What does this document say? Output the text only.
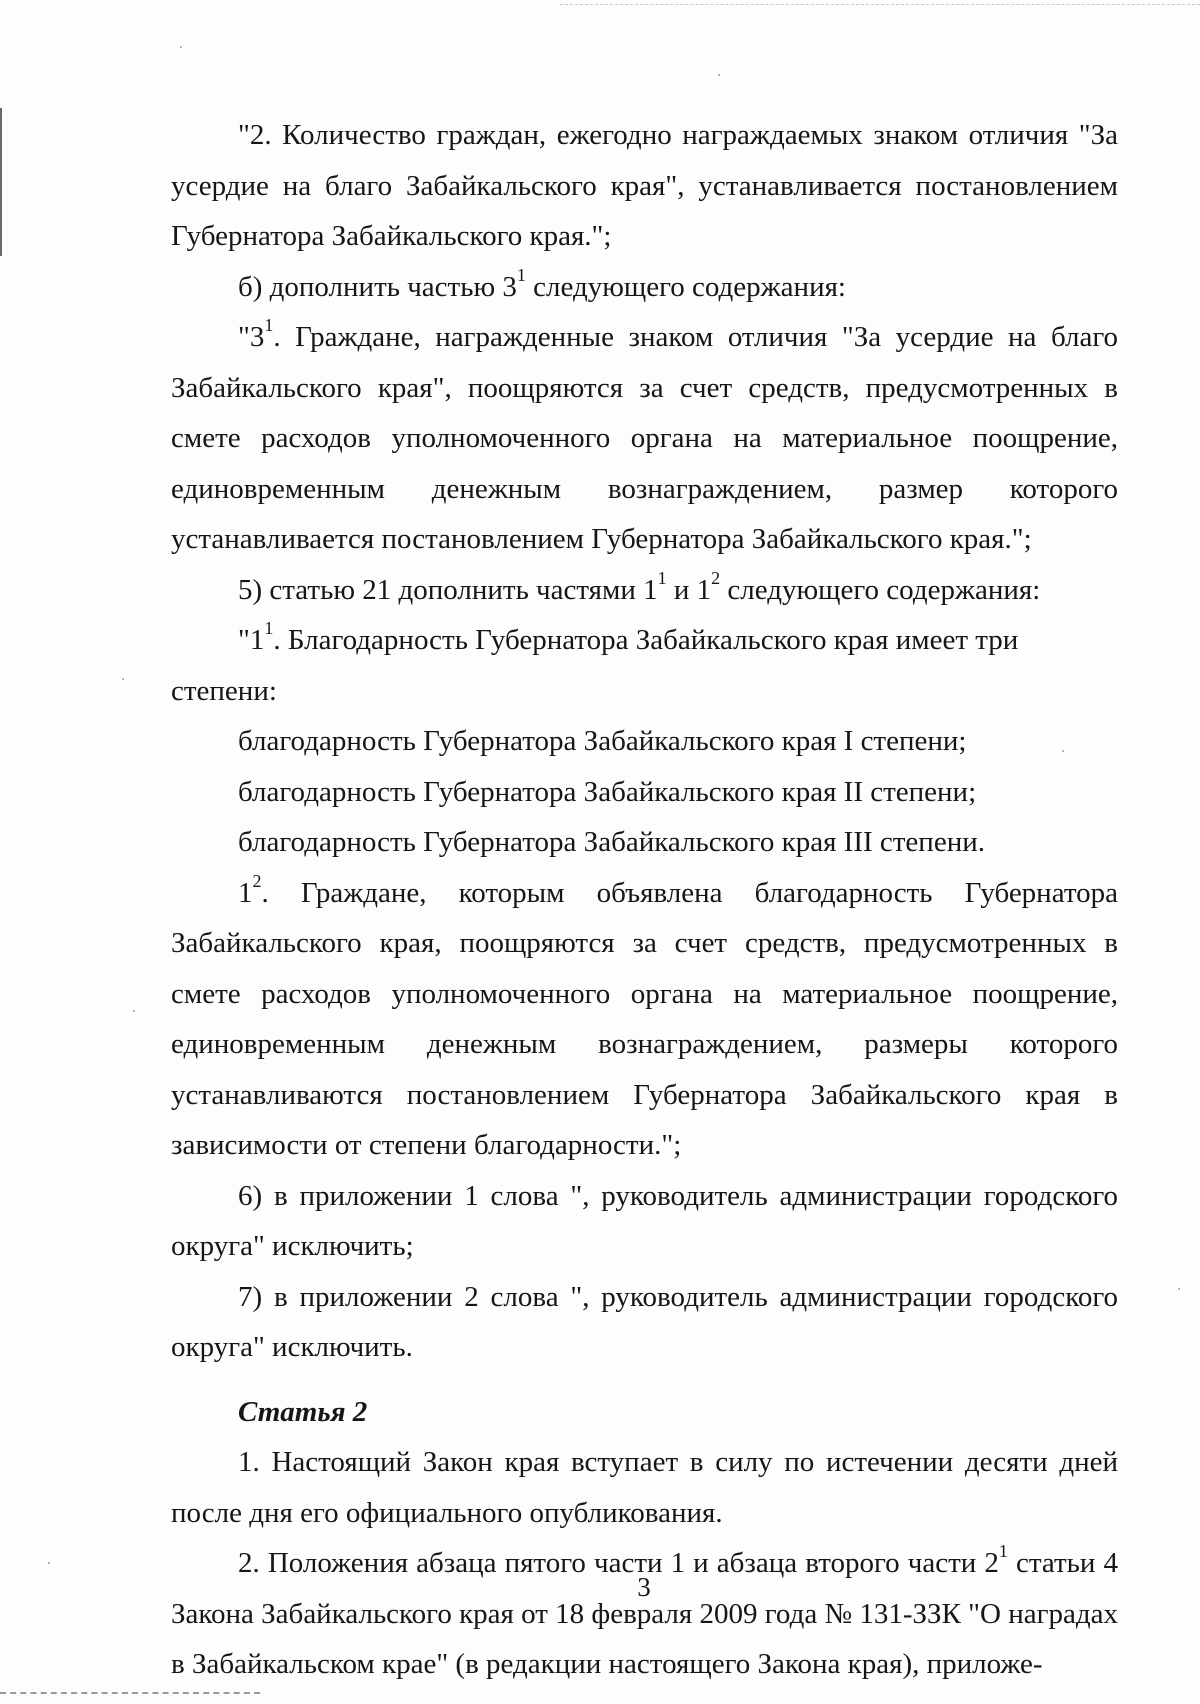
"2. Количество граждан, ежегодно награждаемых знаком отличия "За усердие на благо Забайкальского края", устанавливается постановлением Губернатора Забайкальского края.";

б) дополнить частью $3^1$ следующего содержания:

"$3^1$. Граждане, награжденные знаком отличия "За усердие на благо Забайкальского края", поощряются за счет средств, предусмотренных в смете расходов уполномоченного органа на материальное поощрение, единовременным денежным вознаграждением, размер которого устанавливается постановлением Губернатора Забайкальского края.";

5) статью 21 дополнить частями $1^1$ и $1^2$ следующего содержания:

"$1^1$. Благодарность Губернатора Забайкальского края имеет три степени:

благодарность Губернатора Забайкальского края I степени;

благодарность Губернатора Забайкальского края II степени;

благодарность Губернатора Забайкальского края III степени.

$1^2$. Граждане, которым объявлена благодарность Губернатора Забайкальского края, поощряются за счет средств, предусмотренных в смете расходов уполномоченного органа на материальное поощрение, единовременным денежным вознаграждением, размеры которого устанавливаются постановлением Губернатора Забайкальского края в зависимости от степени благодарности.";

6) в приложении 1 слова ", руководитель администрации городского округа" исключить;

7) в приложении 2 слова ", руководитель администрации городского округа" исключить.

Статья 2

1. Настоящий Закон края вступает в силу по истечении десяти дней после дня его официального опубликования.

2. Положения абзаца пятого части 1 и абзаца второго части $2^1$ статьи 4 Закона Забайкальского края от 18 февраля 2009 года № 131-ЗЗК "О наградах в Забайкальском крае" (в редакции настоящего Закона края), приложе-

3
